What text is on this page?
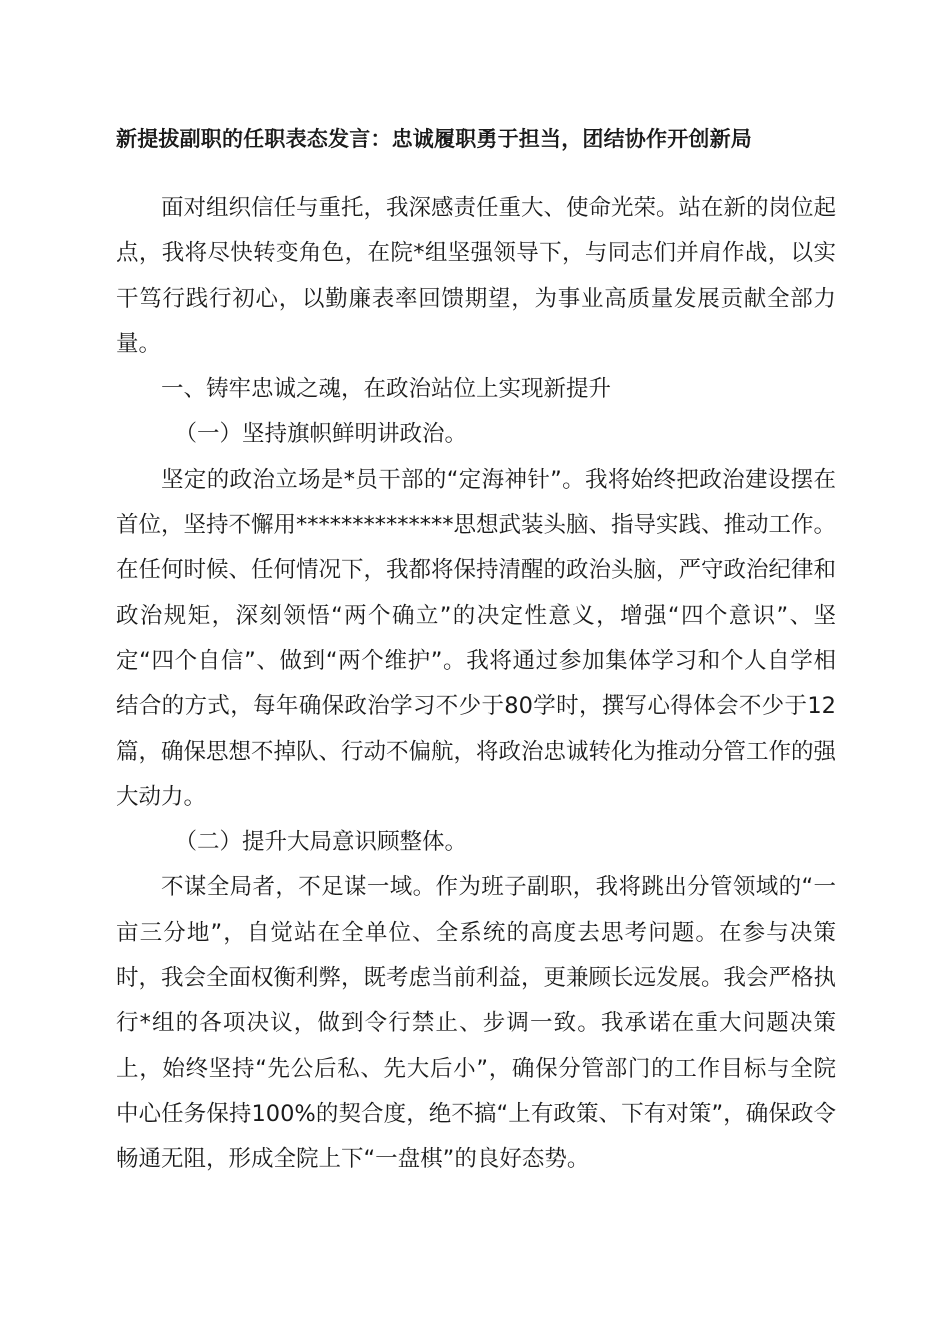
新提拔副职的任职表态发言：忠诚履职勇于担当，团结协作开创新局

面对组织信任与重托，我深感责任重大、使命光荣。站在新的岗位起点，我将尽快转变角色，在院*组坚强领导下，与同志们并肩作战，以实干笃行践行初心，以勤廉表率回馈期望，为事业高质量发展贡献全部力量。

一、铸牢忠诚之魂，在政治站位上实现新提升

（一）坚持旗帜鲜明讲政治。

坚定的政治立场是*员干部的“定海神针”。我将始终把政治建设摆在首位，坚持不懈用**************思想武装头脑、指导实践、推动工作。在任何时候、任何情况下，我都将保持清醒的政治头脑，严守政治纪律和政治规矩，深刻领悟“两个确立”的决定性意义，增强“四个意识”、坚定“四个自信”、做到“两个维护”。我将通过参加集体学习和个人自学相结合的方式，每年确保政治学习不少于80学时，撰写心得体会不少于12篇，确保思想不掉队、行动不偏航，将政治忠诚转化为推动分管工作的强大动力。

（二）提升大局意识顾整体。

不谋全局者，不足谋一域。作为班子副职，我将跳出分管领域的“一亩三分地”，自觉站在全单位、全系统的高度去思考问题。在参与决策时，我会全面权衡利弊，既考虑当前利益，更兼顾长远发展。我会严格执行*组的各项决议，做到令行禁止、步调一致。我承诺在重大问题决策上，始终坚持“先公后私、先大后小”，确保分管部门的工作目标与全院中心任务保持100%的契合度，绝不搞“上有政策、下有对策”，确保政令畅通无阻，形成全院上下“一盘棋”的良好态势。
